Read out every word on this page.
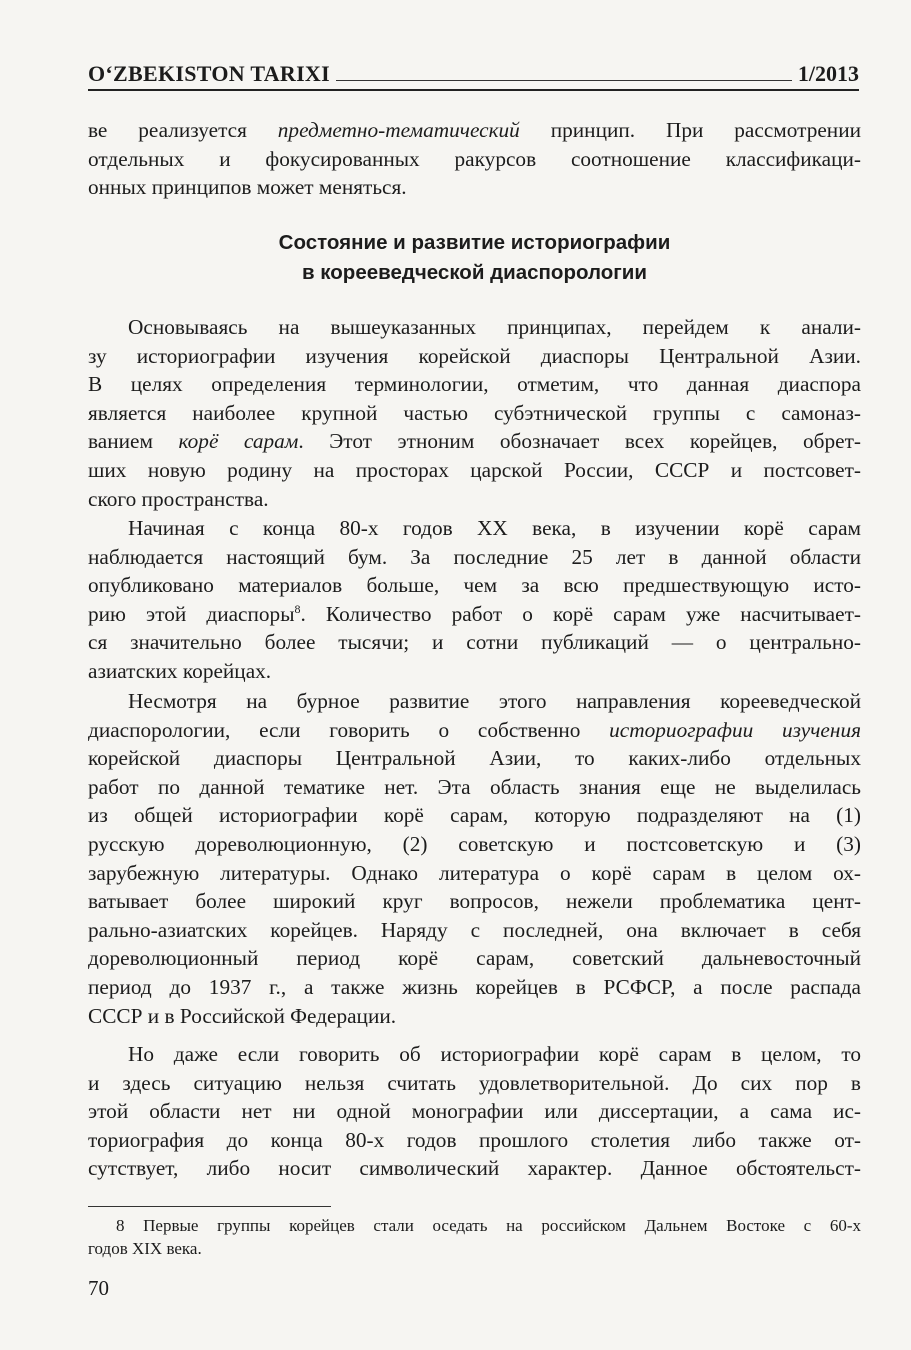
O‘ZBEKISTON TARIXI	1/2013
ве реализуется предметно-тематический принцип. При рассмотрении
отдельных и фокусированных ракурсов соотношение классификаци-
онных принципов может меняться.
Состояние и развитие историографии
в корееведческой диаспорологии
Основываясь на вышеуказанных принципах, перейдем к анали-
зу историографии изучения корейской диаспоры Центральной Азии.
В целях определения терминологии, отметим, что данная диаспора
является наиболее крупной частью субэтнической группы с самоназ-
ванием корё сарам. Этот этноним обозначает всех корейцев, обрет-
ших новую родину на просторах царской России, СССР и постсовет-
ского пространства.
Начиная с конца 80-х годов XX века, в изучении корё сарам
наблюдается настоящий бум. За последние 25 лет в данной области
опубликовано материалов больше, чем за всю предшествующую исто-
рию этой диаспоры$^8$. Количество работ о корё сарам уже насчитывает-
ся значительно более тысячи; и сотни публикаций — о центрально-
азиатских корейцах.
Несмотря на бурное развитие этого направления корееведческой
диаспорологии, если говорить о собственно историографии изучения
корейской диаспоры Центральной Азии, то каких-либо отдельных
работ по данной тематике нет. Эта область знания еще не выделилась
из общей историографии корё сарам, которую подразделяют на (1)
русскую дореволюционную, (2) советскую и постсоветскую и (3)
зарубежную литературы. Однако литература о корё сарам в целом ох-
ватывает более широкий круг вопросов, нежели проблематика цент-
рально-азиатских корейцев. Наряду с последней, она включает в себя
дореволюционный период корё сарам, советский дальневосточный
период до 1937 г., а также жизнь корейцев в РСФСР, а после распада
СССР и в Российской Федерации.
Но даже если говорить об историографии корё сарам в целом, то
и здесь ситуацию нельзя считать удовлетворительной. До сих пор в
этой области нет ни одной монографии или диссертации, а сама ис-
ториография до конца 80-х годов прошлого столетия либо также от-
сутствует, либо носит символический характер. Данное обстоятельст-
8 Первые группы корейцев стали оседать на российском Дальнем Востоке с 60-х
годов XIX века.
70
